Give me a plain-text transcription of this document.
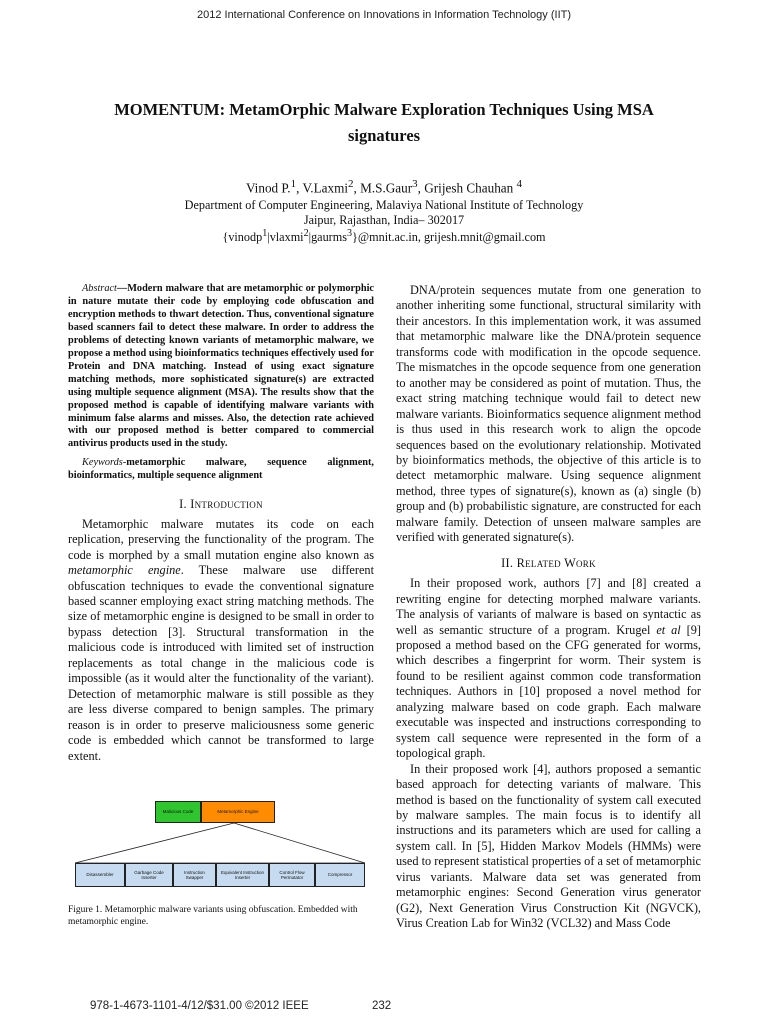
2012 International Conference on Innovations in Information Technology (IIT)
MOMENTUM: MetamOrphic Malware Exploration Techniques Using MSA
signatures
Vinod P.$^1$, V.Laxmi$^2$, M.S.Gaur$^3$, Grijesh Chauhan $^4$
Department of Computer Engineering, Malaviya National Institute of Technology
Jaipur, Rajasthan, India– 302017
{vinodp$^1$|vlaxmi$^2$|gaurms$^3$}@mnit.ac.in, grijesh.mnit@gmail.com

Abstract—Modern malware that are metamorphic or polymorphic in nature mutate their code by employing code obfuscation and encryption methods to thwart detection. Thus, conventional signature based scanners fail to detect these malware. In order to address the problems of detecting known variants of metamorphic malware, we propose a method using bioinformatics techniques effectively used for Protein and DNA matching. Instead of using exact signature matching methods, more sophisticated signature(s) are extracted using multiple sequence alignment (MSA). The results show that the proposed method is capable of identifying malware variants with minimum false alarms and misses. Also, the detection rate achieved with our proposed method is better compared to commercial antivirus products used in the study.

Keywords-metamorphic malware, sequence alignment, bioinformatics, multiple sequence alignment

I. Introduction

Metamorphic malware mutates its code on each replication, preserving the functionality of the program. The code is morphed by a small mutation engine also known as metamorphic engine. These malware use different obfuscation techniques to evade the conventional signature based scanner employing exact string matching methods. The size of metamorphic engine is designed to be small in order to bypass detection [3]. Structural transformation in the malicious code is introduced with limited set of instruction replacements as total change in the malicious code is impossible (as it would alter the functionality of the variant). Detection of metamorphic malware is still possible as they are less diverse compared to benign samples. The primary reason is in order to preserve maliciousness some generic code is embedded which cannot be transformed to large extent.

Malicious Code	Metamorphic Engine
Disassembler
Garbage Code Inserter
Instruction Swapper
Equivalent Instruction Inserter
Control Flow Permutator
Compressor
Figure 1. Metamorphic malware variants using obfuscation. Embedded with metamorphic engine.

DNA/protein sequences mutate from one generation to another inheriting some functional, structural similarity with their ancestors. In this implementation work, it was assumed that metamorphic malware like the DNA/protein sequence transforms code with modification in the opcode sequence. The mismatches in the opcode sequence from one generation to another may be considered as point of mutation. Thus, the exact string matching technique would fail to detect new malware variants. Bioinformatics sequence alignment method is thus used in this research work to align the opcode sequences based on the evolutionary relationship. Motivated by bioinformatics methods, the objective of this article is to detect metamorphic malware. Using sequence alignment method, three types of signature(s), known as (a) single (b) group and (b) probabilistic signature, are constructed for each malware family. Detection of unseen malware samples are verified with generated signature(s).

II. Related Work

In their proposed work, authors [7] and [8] created a rewriting engine for detecting morphed malware variants. The analysis of variants of malware is based on syntactic as well as semantic structure of a program. Krugel et al [9] proposed a method based on the CFG generated for worms, which describes a fingerprint for worm. Their system is found to be resilient against common code transformation techniques. Authors in [10] proposed a novel method for analyzing malware based on code graph. Each malware executable was inspected and instructions corresponding to system call sequence were represented in the form of a topological graph.

In their proposed work [4], authors proposed a semantic based approach for detecting variants of malware. This method is based on the functionality of system call executed by malware samples. The main focus is to identify all instructions and its parameters which are used for calling a system call. In [5], Hidden Markov Models (HMMs) were used to represent statistical properties of a set of metamorphic virus variants. Malware data set was generated from metamorphic engines: Second Generation virus generator (G2), Next Generation Virus Construction Kit (NGVCK), Virus Creation Lab for Win32 (VCL32) and Mass Code

978-1-4673-1101-4/12/$31.00 ©2012 IEEE	232
